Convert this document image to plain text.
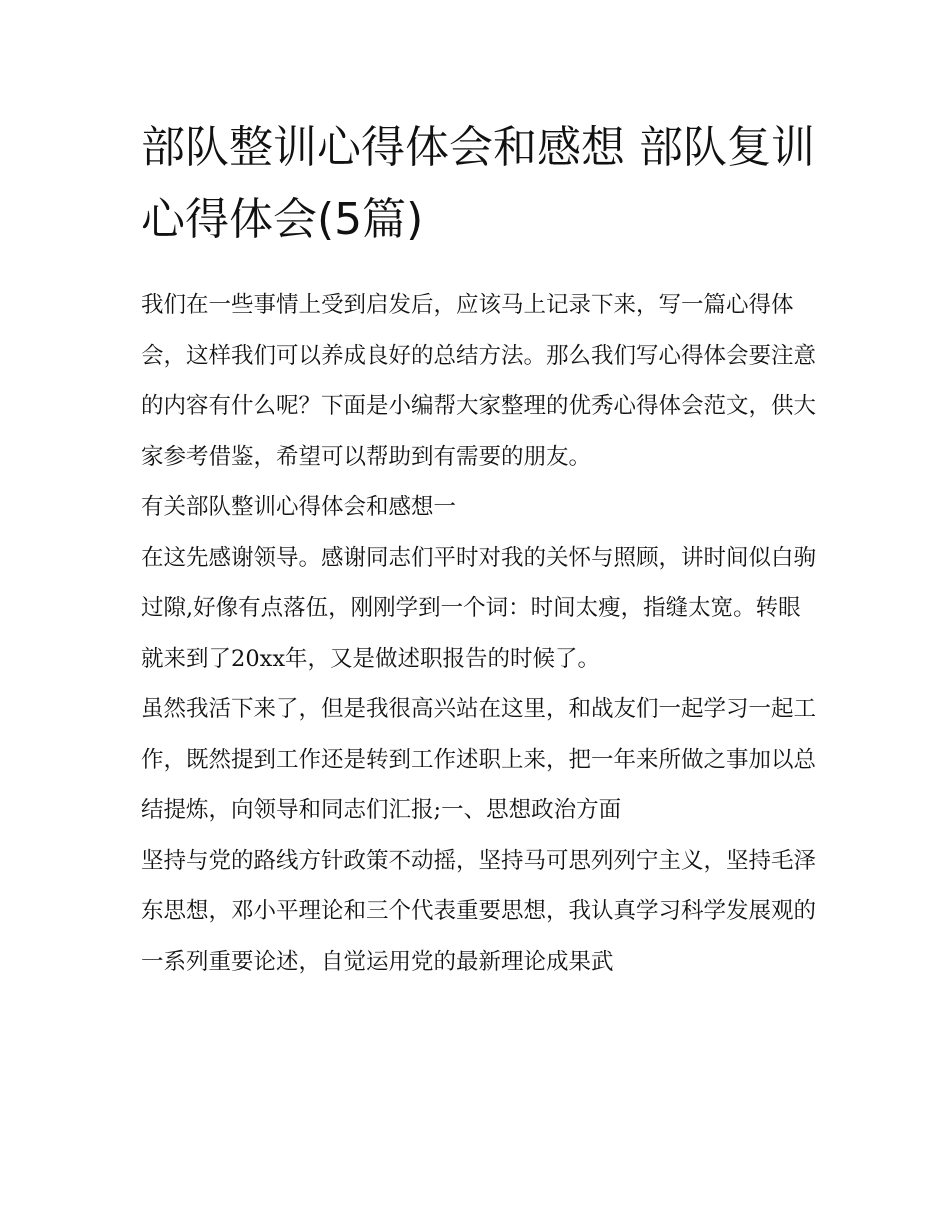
部队整训心得体会和感想 部队复训心得体会(5篇)

我们在一些事情上受到启发后，应该马上记录下来，写一篇心得体会，这样我们可以养成良好的总结方法。那么我们写心得体会要注意的内容有什么呢？下面是小编帮大家整理的优秀心得体会范文，供大家参考借鉴，希望可以帮助到有需要的朋友。

有关部队整训心得体会和感想一

在这先感谢领导。感谢同志们平时对我的关怀与照顾，讲时间似白驹过隙,好像有点落伍，刚刚学到一个词：时间太瘦，指缝太宽。转眼就来到了20xx年，又是做述职报告的时候了。

虽然我活下来了，但是我很高兴站在这里，和战友们一起学习一起工作，既然提到工作还是转到工作述职上来，把一年来所做之事加以总结提炼，向领导和同志们汇报;一、思想政治方面

坚持与党的路线方针政策不动摇，坚持马可思列列宁主义，坚持毛泽东思想，邓小平理论和三个代表重要思想，我认真学习科学发展观的一系列重要论述，自觉运用党的最新理论成果武
